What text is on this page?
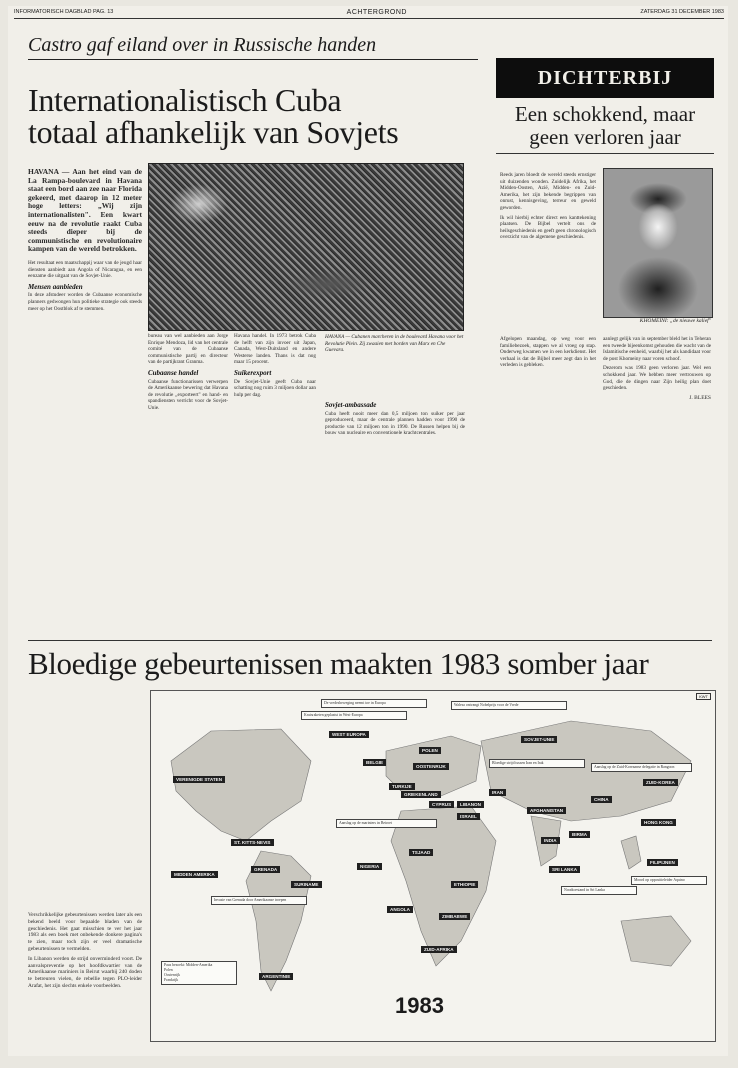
INFORMATORISCH DAGBLAD PAG. 13	ACHTERGROND	ZATERDAG 31 DECEMBER 1983
Castro gaf eiland over in Russische handen
Internationalistisch Cuba
totaal afhankelijk van Sovjets
HAVANA — Aan het eind van de La Rampa-boulevard in Havana staat een bord aan zee naar Florida gekeerd, met daarop in 12 meter hoge letters: „Wij zijn internationalisten". Een kwart eeuw na de revolutie raakt Cuba steeds dieper bij de communistische en revolutionaire kampen van de wereld betrokken.

Het resultaat een maatschappij waar van de jeugd haar diensten aanbiedt aan Angola of Nicaragua, en een eenzame die uitgaat van de Sovjet-Unie.

Mensen aanbieden

In deze afstudeer worden de Cubaanse economische planners gedwongen hun politieke strategie ook steeds meer op het Oostblok af te stemmen.

HAVANA — Cubanen marcheren in de boulevard Havana voor het Revolutie Plein. Zij zwaaien met borden van Marx en Che Guevara.

bureau van wel aanbieden aan Jorge Enrique Mendoza, lid van het centrale comité van de Cubaanse communistische partij en directeur van de partijkrant Granma.

Cubaanse handel

Cubaanse functionarissen verwerpen de Amerikaanse bewering dat Havana de revolutie „exporteert" en hand- en spandiensten verricht voor de Sovjet-Unie.

Havana handel. In 1973 betrok Cuba de helft van zijn invoer uit Japan, Canada, West-Duitsland en andere Westerse landen. Thans is dat nog maar 15 procent.

Suikerexport

De Sovjet-Unie geeft Cuba naar schatting nog ruim 3 miljoen dollar aan hulp per dag.

Sovjet-ambassade

Cuba heeft nooit meer dan 0,5 miljoen ton suiker per jaar geproduceerd, maar de centrale plannen hadden voor 1990 de productie van 12 miljoen ton in 1990. De Russen helpen bij de bouw van nucleaire en conventionele krachtcentrales.

DICHTERBIJ
Een schokkend, maar geen verloren jaar

Reeds jaren bloedt de wereld steeds ernstiger uit duizenden wonden. Zuidelijk Afrika, het Midden-Oosten, Azië, Midden- en Zuid-Amerika, het zijn bekende begrippen van onrust, kennisgeving, terreur en geweld geworden.

Ik wil hierbij echter direct een kanttekening plaatsen. De Bijbel vertelt ons de heilsgeschiedenis en geeft geen chronologisch overzicht van de algemene geschiedenis.

KHOMEINI: „de nieuwe kalief"

Afgelopen maandag, op weg voor een familiebezoek, stappen we al vroeg op stap. Onderweg kwamen we in een kerkdienst. Het verhaal is dat de Bijbel meer zegt dan in het verleden is gebleken.

aanlegt gelijk van in september bleld het in Teheran een tweede bijeenkomst gehouden die wacht van de Islamitische eenheid, waarbij het als kandidaat voor de post Khomeiny naar voren schoof.

Dezerom was 1983 geen verloren jaar. Wel een schokkend jaar. We hebben meer vertrouwen op God, die de dingen naar Zijn heilig plan doet geschieden.

J. BLEES
Bloedige gebeurtenissen maakten 1983 somber jaar

Verschrikkelijke gebeurtenissen werden later als een bekend beeld voor bepaalde bladen van de geschiedenis. Het gaat misschien te ver het jaar 1983 als een boek met onbekende donkere pagina's te zien, maar toch zijn er veel dramatische gebeurtenissen te vermelden.

In Libanon werden de strijd onverminderd voort. De aanvalspreventie op het hoofdkwartier van de Amerikaanse mariniers in Beirut waarbij 240 doden te betreuren vielen, de rebellie tegen PLO-leider Arafat, het zijn slechts enkele voorbeelden.

KWT
VERENIGDE STATEN
MIDDEN AMERIKA
GRENADA
ST. KITTS-NEVIS
SURINAME
WEST EUROPA
BELGIE
POLEN
OOSTENRIJK
SOVJET-UNIE
GRIEKENLAND
CYPRUS	LIBANON
ISRAEL
IRAN
AFGHANISTAN
INDIA
BIRMA
CHINA
ZUID-KOREA
HONG KONG
FILIPIJNEN
SRI LANKA
TSJAAD
NIGERIA
ETHIOPIE
ZIMBABWE
ZUID-AFRIKA
ANGOLA
ARGENTINIE
TURKIJE
De vredesbeweging neemt toe in Europa
Kruisraketen geplaatst in West-Europa
Walesa ontvangt Nobelprijs voor de Vrede
Invasie van Grenada door Amerikaanse troepen
Aanslag op de mariniers in Beiroet
Bloedige strijd tussen Iran en Irak
Moord op oppositieleider Aquino
Noodtoestand in Sri Lanka
Aanslag op de Zuid-Koreaanse delegatie in Rangoon
Paus bezoekt: Midden-Amerika
Polen
Oostenrijk
Frankrijk
1983
